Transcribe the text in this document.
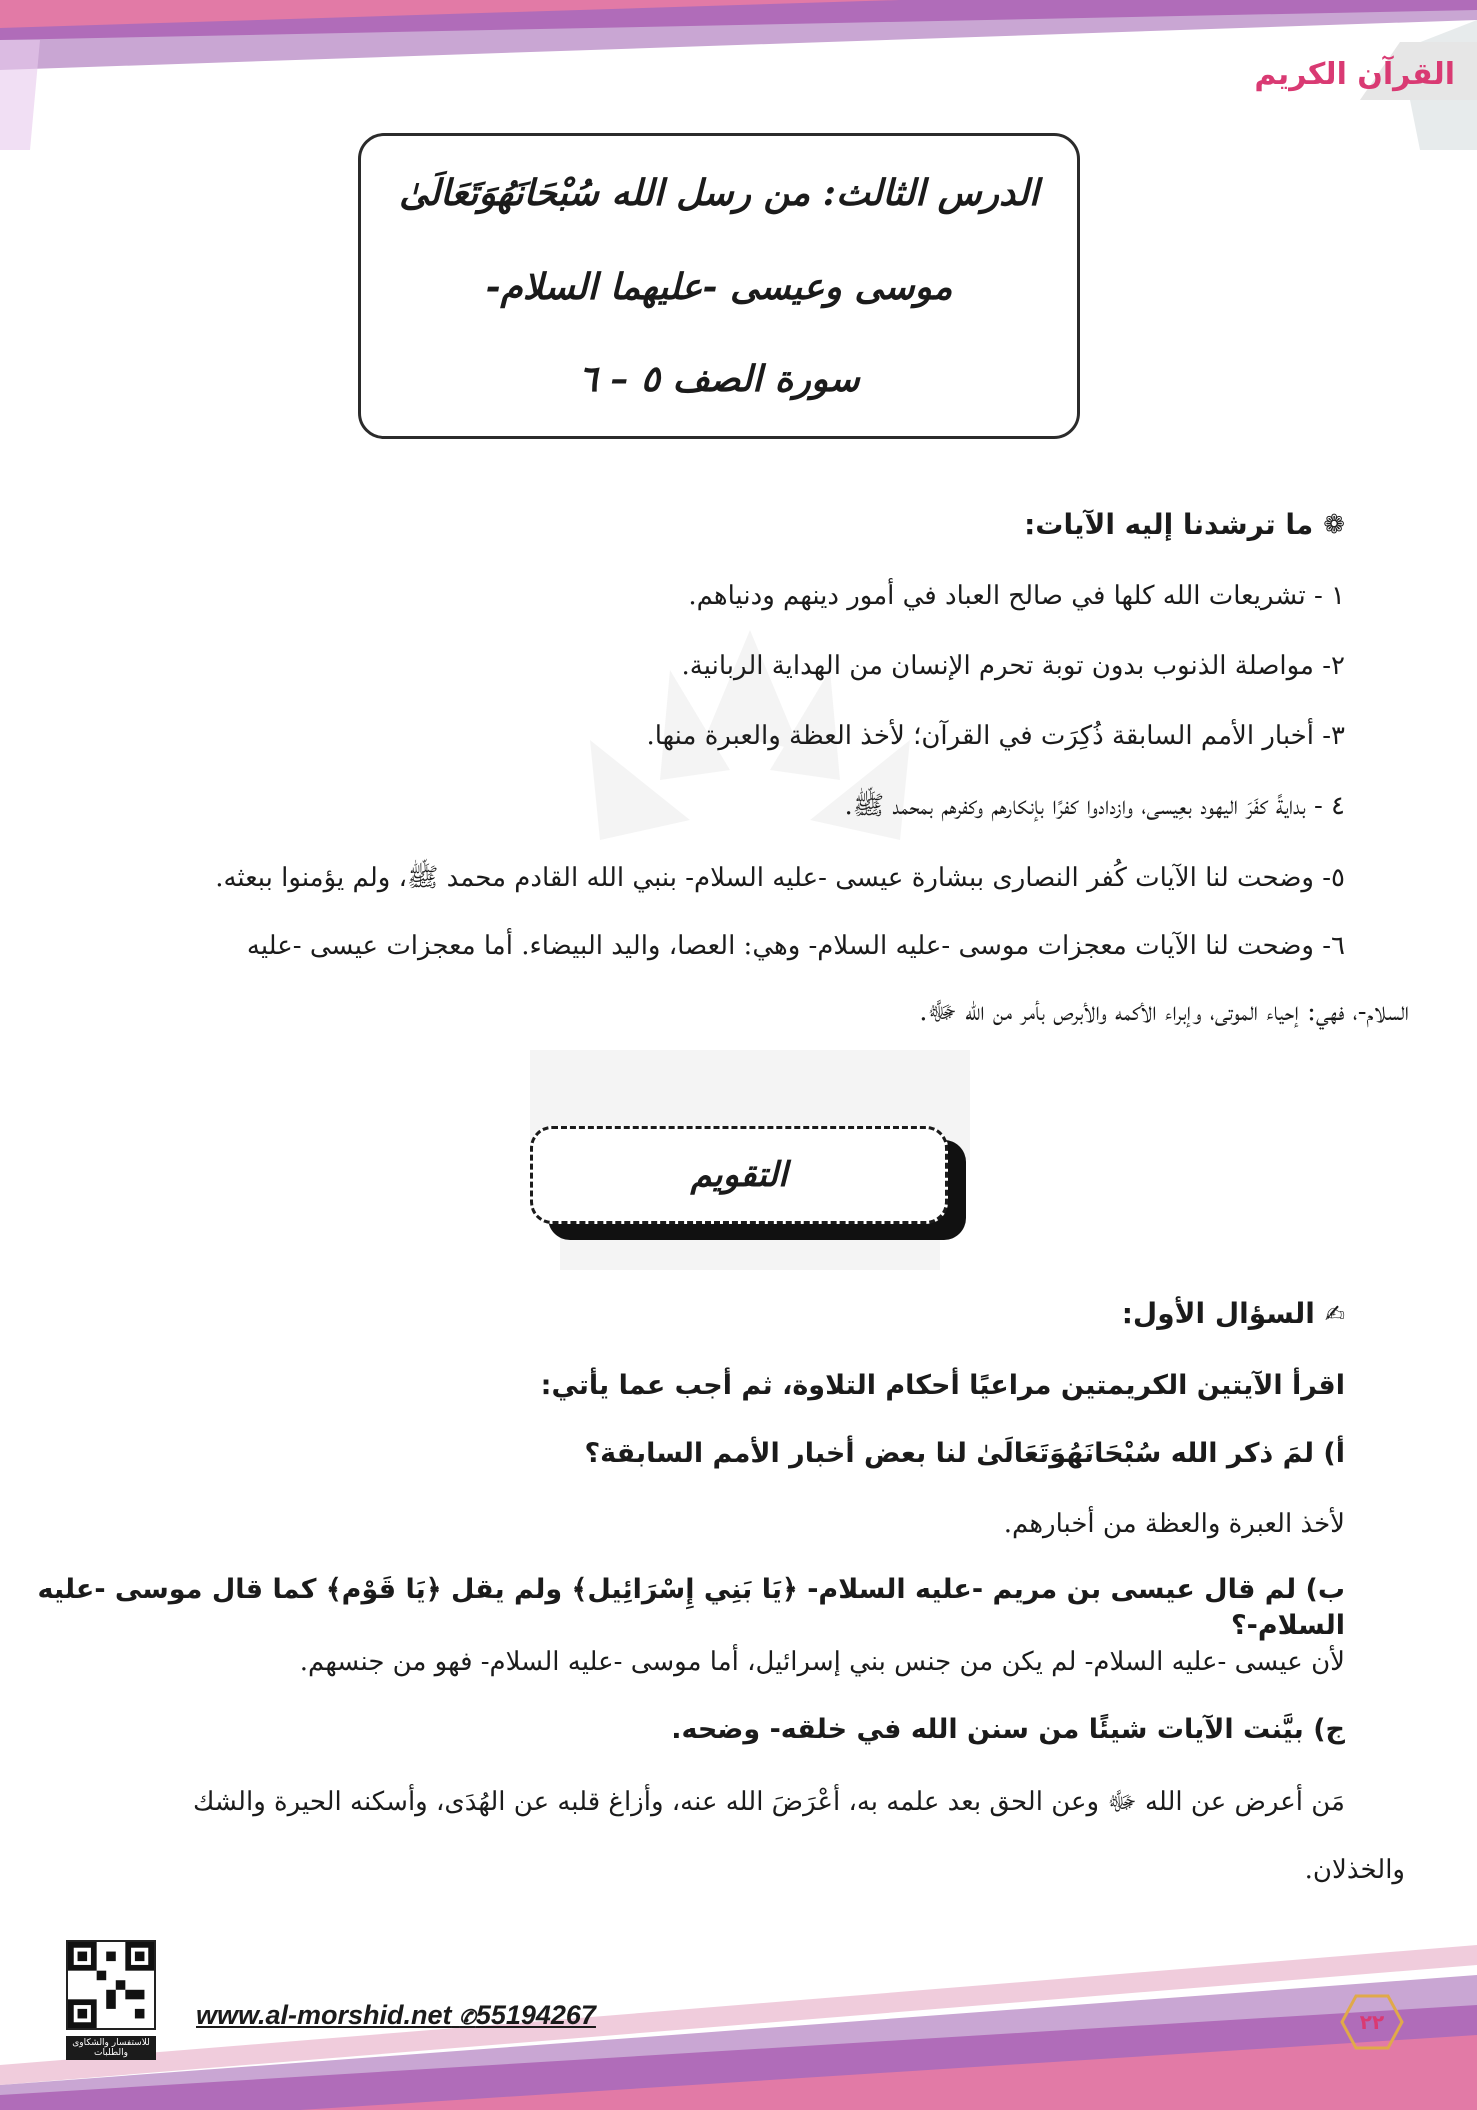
القرآن الكريم
الدرس الثالث: من رسل الله سُبْحَانَهُوَتَعَالَىٰ
موسى وعيسى -عليهما السلام-
سورة الصف ٥ – ٦
❁
ما ترشدنا إليه الآيات:
١ - تشريعات الله كلها في صالح العباد في أمور دينهم ودنياهم.
٢- مواصلة الذنوب بدون توبة تحرم الإنسان من الهداية الربانية.
٣- أخبار الأمم السابقة ذُكِرَت في القرآن؛ لأخذ العظة والعبرة منها.
٤ - بدايةً كفَرَ اليهود بعِيسى، وازدادوا كفرًا بإنكارهم وكفرهم بمحمد ﷺ.
٥- وضحت لنا الآيات كُفر النصارى ببشارة عيسى -عليه السلام- بنبي الله القادم محمد ﷺ، ولم يؤمنوا ببعثه.
٦- وضحت لنا الآيات معجزات موسى -عليه السلام- وهي: العصا، واليد البيضاء. أما معجزات عيسى -عليه
السلام-، فهي: إحياء الموتى، وإبراء الأكمه والأبرص بأمر من الله ﷻ.
التقويم
✍
السؤال الأول:
اقرأ الآيتين الكريمتين مراعيًا أحكام التلاوة، ثم أجب عما يأتي:
أ) لمَ ذكر الله سُبْحَانَهُوَتَعَالَىٰ لنا بعض أخبار الأمم السابقة؟
لأخذ العبرة والعظة من أخبارهم.
ب) لم قال عيسى بن مريم -عليه السلام- ﴿يَا بَنِي إِسْرَائِيل﴾ ولم يقل ﴿يَا قَوْم﴾ كما قال موسى -عليه السلام-؟
لأن عيسى -عليه السلام- لم يكن من جنس بني إسرائيل، أما موسى -عليه السلام- فهو من جنسهم.
ج) بيَّنت الآيات شيئًا من سنن الله في خلقه- وضحه.
مَن أعرض عن الله ﷻ وعن الحق بعد علمه به، أعْرَضَ الله عنه، وأزاغ قلبه عن الهُدَى، وأسكنه الحيرة والشك
والخذلان.
للاستفسار والشكاوى والطلبات
www.al-morshid.net ✆55194267	٢٢
